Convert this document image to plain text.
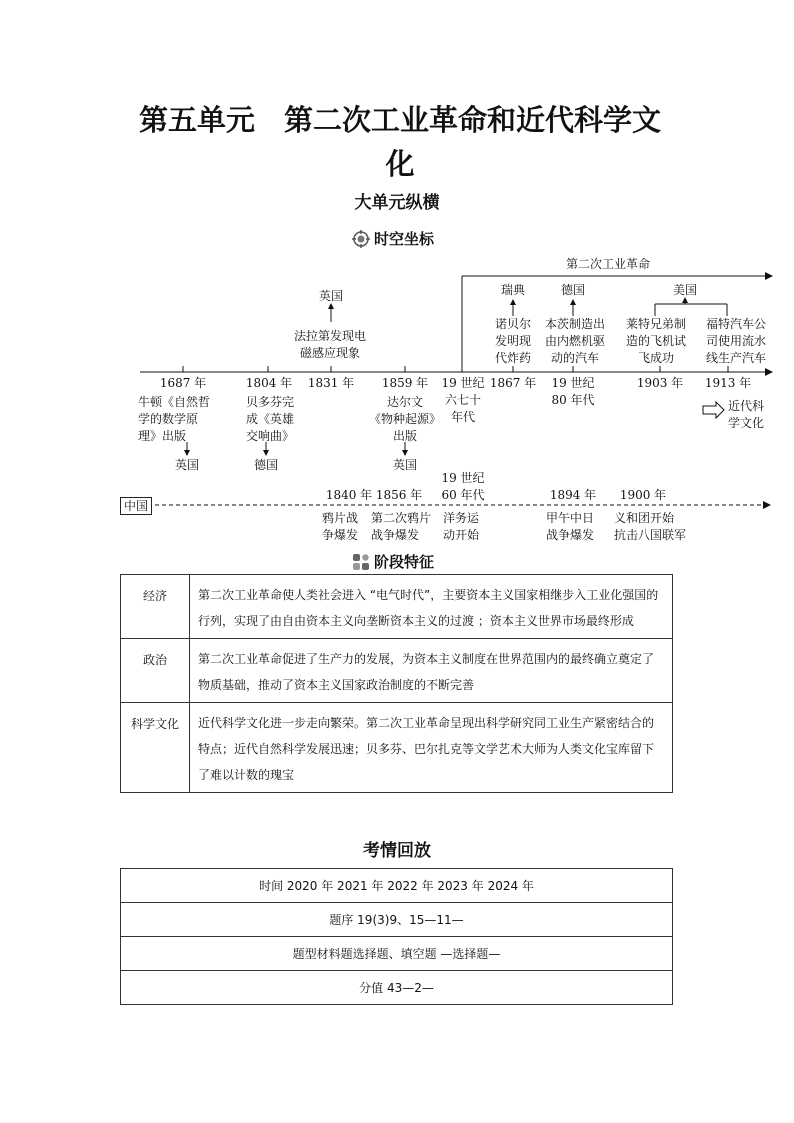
第五单元　第二次工业革命和近代科学文
化
大单元纵横
时空坐标
第二次工业革命
英国
法拉第发现电
磁感应现象
瑞典
诺贝尔
发明现
代炸药
德国
本茨制造出
由内燃机驱
动的汽车
美国
莱特兄弟制
造的飞机试
飞成功
福特汽车公
司使用流水
线生产汽车
1687 年	1804 年	1831 年	1859 年	19 世纪
六七十
年代
1867 年	19 世纪
80 年代
1903 年	1913 年
牛顿《自然哲
学的数学原
理》出版
英国
贝多芬完
成《英雄
交响曲》
德国
达尔文
《物种起源》
出版
英国
近代科
学文化
中国
1840 年 1856 年
19 世纪
60 年代	1894 年	1900 年
鸦片战
争爆发
第二次鸦片
战争爆发
洋务运
动开始
甲午中日
战争爆发
义和团开始
抗击八国联军
阶段特征
经济	第二次工业革命使人类社会进入 “电气时代”，主要资本主义国家相继步入工业化强国的行列，实现了由自由资本主义向垄断资本主义的过渡 ；资本主义世界市场最终形成
政治	第二次工业革命促进了生产力的发展，为资本主义制度在世界范围内的最终确立奠定了物质基础，推动了资本主义国家政治制度的不断完善
科学文化	近代科学文化进一步走向繁荣。第二次工业革命呈现出科学研究同工业生产紧密结合的特点；近代自然科学发展迅速；贝多芬、巴尔扎克等文学艺术大师为人类文化宝库留下了难以计数的瑰宝
考情回放
时间 2020 年 2021 年 2022 年 2023 年 2024 年
题序 19(3)9、15—11—
题型材料题选择题、填空题 —选择题—
分值 43—2—
